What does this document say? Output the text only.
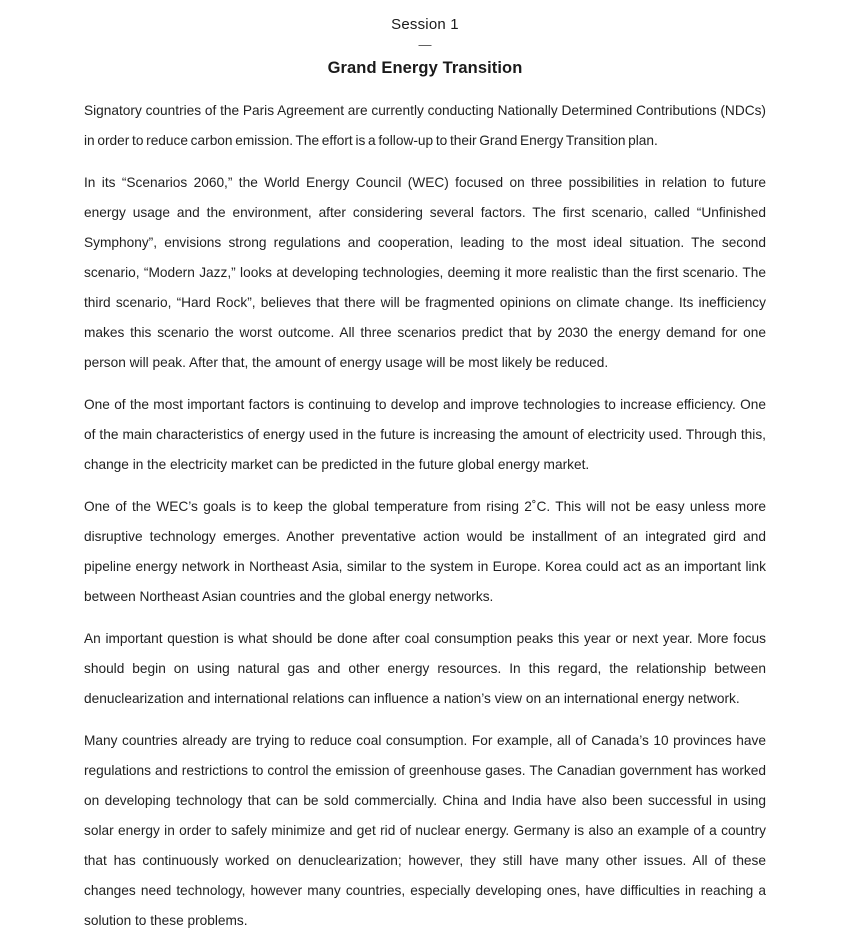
Session 1
—
Grand Energy Transition

Signatory countries of the Paris Agreement are currently conducting Nationally Determined Contributions (NDCs) in order to reduce carbon emission. The effort is a follow-up to their Grand Energy Transition plan.

In its “Scenarios 2060,” the World Energy Council (WEC) focused on three possibilities in relation to future energy usage and the environment, after considering several factors. The first scenario, called “Unfinished Symphony”, envisions strong regulations and cooperation, leading to the most ideal situation. The second scenario, “Modern Jazz,” looks at developing technologies, deeming it more realistic than the first scenario. The third scenario, “Hard Rock”, believes that there will be fragmented opinions on climate change. Its inefficiency makes this scenario the worst outcome. All three scenarios predict that by 2030 the energy demand for one person will peak. After that, the amount of energy usage will be most likely be reduced.

One of the most important factors is continuing to develop and improve technologies to increase efficiency. One of the main characteristics of energy used in the future is increasing the amount of electricity used. Through this, change in the electricity market can be predicted in the future global energy market.

One of the WEC’s goals is to keep the global temperature from rising 2˚C. This will not be easy unless more disruptive technology emerges. Another preventative action would be installment of an integrated gird and pipeline energy network in Northeast Asia, similar to the system in Europe. Korea could act as an important link between Northeast Asian countries and the global energy networks.

An important question is what should be done after coal consumption peaks this year or next year. More focus should begin on using natural gas and other energy resources. In this regard, the relationship between denuclearization and international relations can influence a nation’s view on an international energy network.

Many countries already are trying to reduce coal consumption. For example, all of Canada’s 10 provinces have regulations and restrictions to control the emission of greenhouse gases. The Canadian government has worked on developing technology that can be sold commercially. China and India have also been successful in using solar energy in order to safely minimize and get rid of nuclear energy. Germany is also an example of a country that has continuously worked on denuclearization; however, they still have many other issues. All of these changes need technology, however many countries, especially developing ones, have difficulties in reaching a solution to these problems.
